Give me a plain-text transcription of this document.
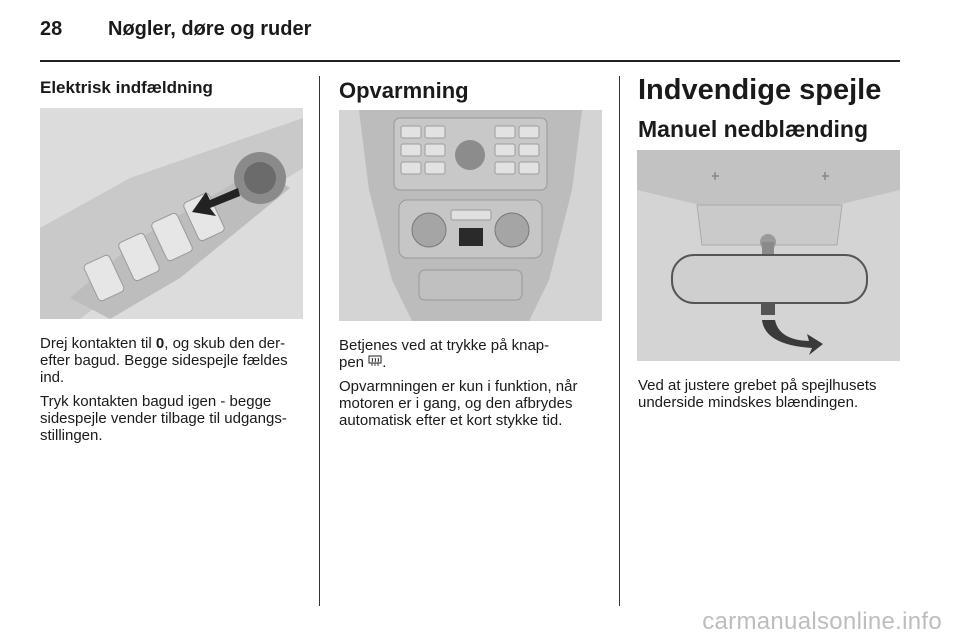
28 Nøgler, døre og ruder
Elektrisk indfældning

Drej kontakten til 0, og skub den der-
efter bagud. Begge sidespejle fældes
ind.

Tryk kontakten bagud igen - begge
sidespejle vender tilbage til udgangs-
stillingen.

Opvarmning

Betjenes ved at trykke på knap-
pen .

Opvarmningen er kun i funktion, når
motoren er i gang, og den afbrydes
automatisk efter et kort stykke tid.

Indvendige spejle
Manuel nedblænding

Ved at justere grebet på spejlhusets
underside mindskes blændingen.

carmanualsonline.info
